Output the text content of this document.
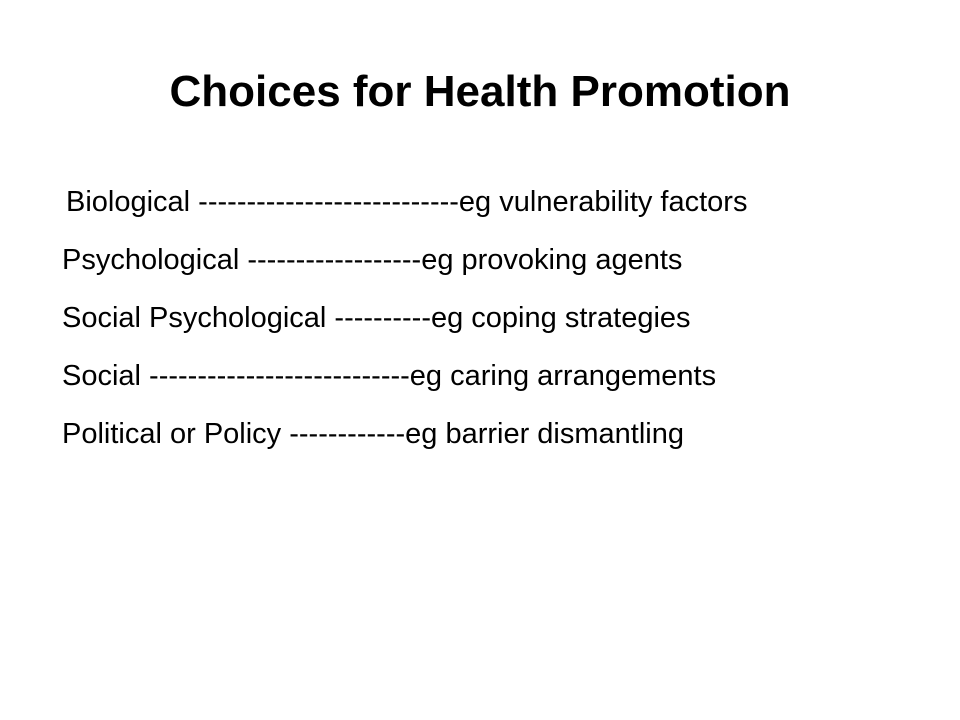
Choices for Health Promotion
Biological ---------------------------eg vulnerability factors
Psychological ------------------eg provoking agents
Social Psychological ----------eg coping strategies
Social ---------------------------eg caring arrangements
Political or Policy ------------eg barrier dismantling
